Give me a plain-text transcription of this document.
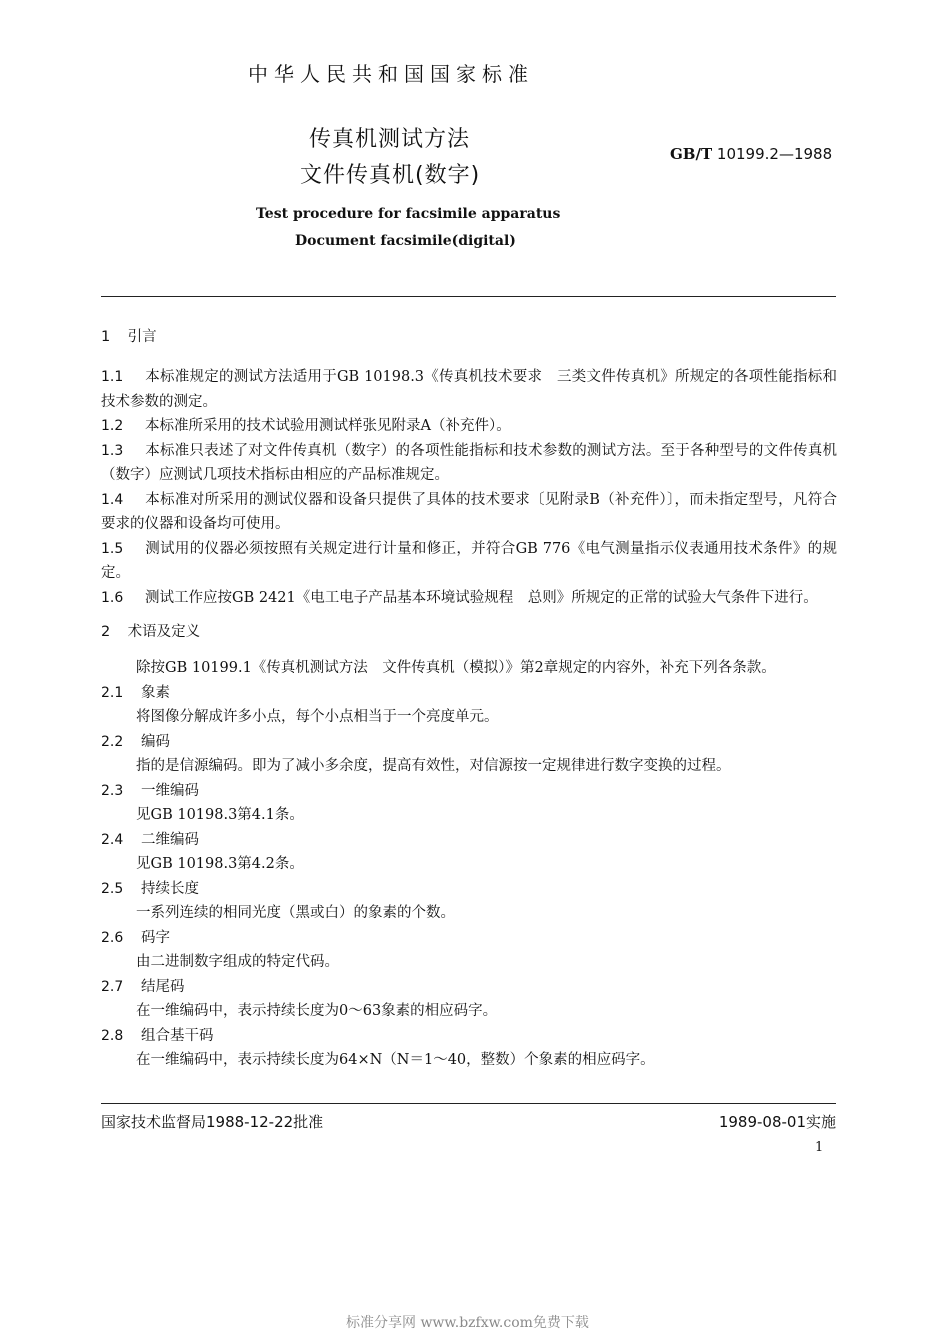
中华人民共和国国家标准
传真机测试方法
文件传真机(数字)
GB/T 10199.2—1988
Test procedure for facsimile apparatus
Document facsimile(digital)
1 引言
1.1 本标准规定的测试方法适用于GB 10198.3《传真机技术要求　三类文件传真机》所规定的各项性能指标和技术参数的测定。
1.2 本标准所采用的技术试验用测试样张见附录A（补充件）。
1.3 本标准只表述了对文件传真机（数字）的各项性能指标和技术参数的测试方法。至于各种型号的文件传真机（数字）应测试几项技术指标由相应的产品标准规定。
1.4 本标准对所采用的测试仪器和设备只提供了具体的技术要求〔见附录B（补充件）〕，而未指定型号，凡符合要求的仪器和设备均可使用。
1.5 测试用的仪器必须按照有关规定进行计量和修正，并符合GB 776《电气测量指示仪表通用技术条件》的规定。
1.6 测试工作应按GB 2421《电工电子产品基本环境试验规程　总则》所规定的正常的试验大气条件下进行。
2 术语及定义
除按GB 10199.1《传真机测试方法　文件传真机（模拟）》第2章规定的内容外，补充下列各条款。
2.1 象素
将图像分解成许多小点，每个小点相当于一个亮度单元。
2.2 编码
指的是信源编码。即为了减小多余度，提高有效性，对信源按一定规律进行数字变换的过程。
2.3 一维编码
见GB 10198.3第4.1条。
2.4 二维编码
见GB 10198.3第4.2条。
2.5 持续长度
一系列连续的相同光度（黑或白）的象素的个数。
2.6 码字
由二进制数字组成的特定代码。
2.7 结尾码
在一维编码中，表示持续长度为0～63象素的相应码字。
2.8 组合基干码
在一维编码中，表示持续长度为64×N（N＝1～40，整数）个象素的相应码字。
国家技术监督局1988-12-22批准	1989-08-01实施
1
标准分享网 www.bzfxw.com免费下载
